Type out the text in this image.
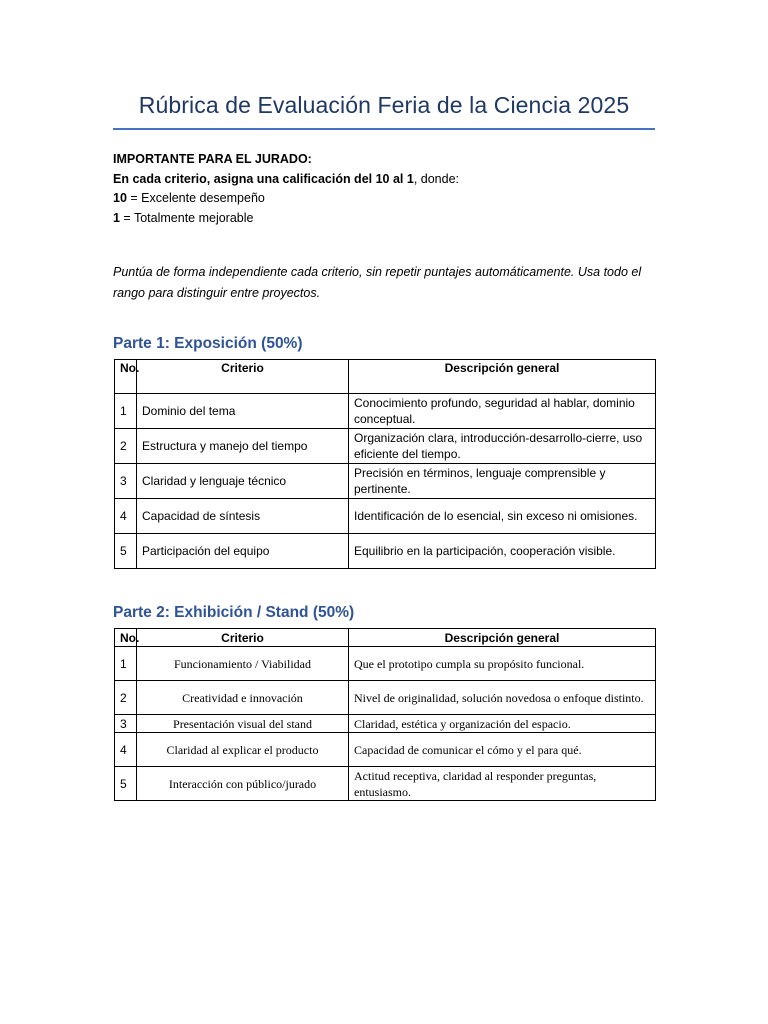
Rúbrica de Evaluación Feria de la Ciencia 2025
IMPORTANTE PARA EL JURADO:
En cada criterio, asigna una calificación del 10 al 1, donde:
10 = Excelente desempeño
1 = Totalmente mejorable
Puntúa de forma independiente cada criterio, sin repetir puntajes automáticamente. Usa todo el rango para distinguir entre proyectos.
Parte 1: Exposición (50%)
No.	Criterio	Descripción general
1	Dominio del tema	Conocimiento profundo, seguridad al hablar, dominio conceptual.
2	Estructura y manejo del tiempo	Organización clara, introducción-desarrollo-cierre, uso eficiente del tiempo.
3	Claridad y lenguaje técnico	Precisión en términos, lenguaje comprensible y pertinente.
4	Capacidad de síntesis	Identificación de lo esencial, sin exceso ni omisiones.
5	Participación del equipo	Equilibrio en la participación, cooperación visible.
Parte 2: Exhibición / Stand (50%)
No.	Criterio	Descripción general
1	Funcionamiento / Viabilidad	Que el prototipo cumpla su propósito funcional.
2	Creatividad e innovación	Nivel de originalidad, solución novedosa o enfoque distinto.
3	Presentación visual del stand	Claridad, estética y organización del espacio.
4	Claridad al explicar el producto	Capacidad de comunicar el cómo y el para qué.
5	Interacción con público/jurado	Actitud receptiva, claridad al responder preguntas, entusiasmo.
